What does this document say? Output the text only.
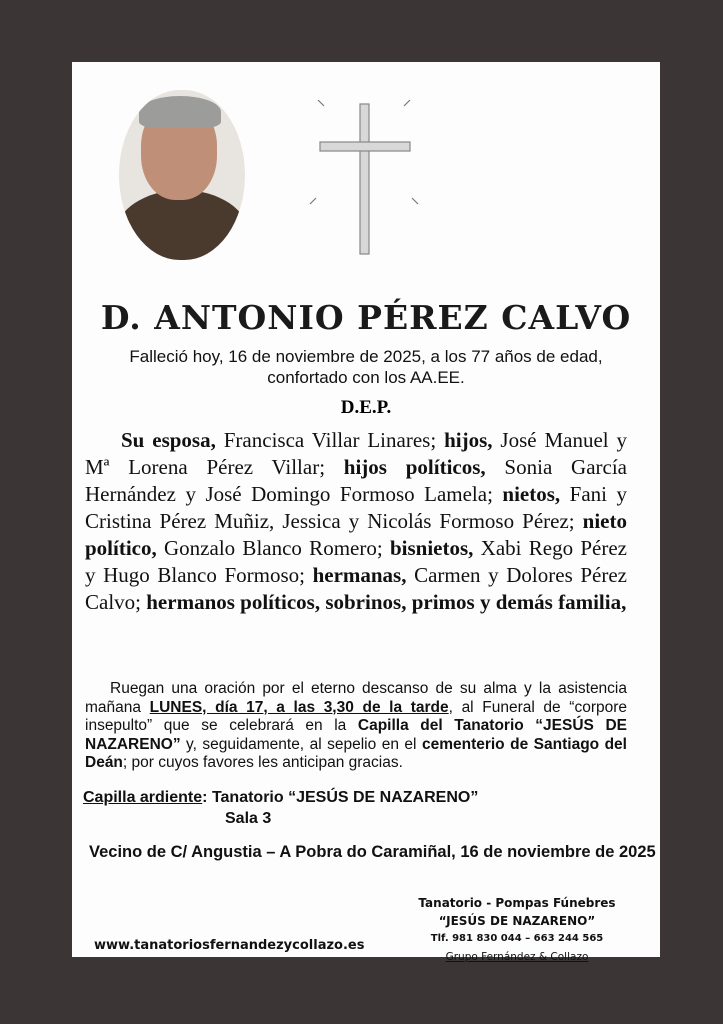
D. ANTONIO PÉREZ CALVO
Falleció hoy, 16 de noviembre de 2025, a los 77 años de edad,
confortado con los AA.EE.
D.E.P.
Su esposa, Francisca Villar Linares; hijos, José Manuel y Mª Lorena Pérez Villar; hijos políticos, Sonia García Hernández y José Domingo Formoso Lamela; nietos, Fani y Cristina Pérez Muñiz, Jessica y Nicolás Formoso Pérez; nieto político, Gonzalo Blanco Romero; bisnietos, Xabi Rego Pérez y Hugo Blanco Formoso; hermanas, Carmen y Dolores Pérez Calvo; hermanos políticos, sobrinos, primos y demás familia,
Ruegan una oración por el eterno descanso de su alma y la asistencia mañana LUNES, día 17, a las 3,30 de la tarde, al Funeral de “corpore insepulto” que se celebrará en la Capilla del Tanatorio “JESÚS DE NAZARENO” y, seguidamente, al sepelio en el cementerio de Santiago del Deán; por cuyos favores les anticipan gracias.
Capilla ardiente: Tanatorio “JESÚS DE NAZARENO”
Sala 3
Vecino de C/ Angustia – A Pobra do Caramiñal, 16 de noviembre de 2025
Tanatorio - Pompas Fúnebres
“JESÚS DE NAZARENO”
Tlf. 981 830 044 – 663 244 565
Grupo Fernández & Collazo
www.tanatoriosfernandezycollazo.es
